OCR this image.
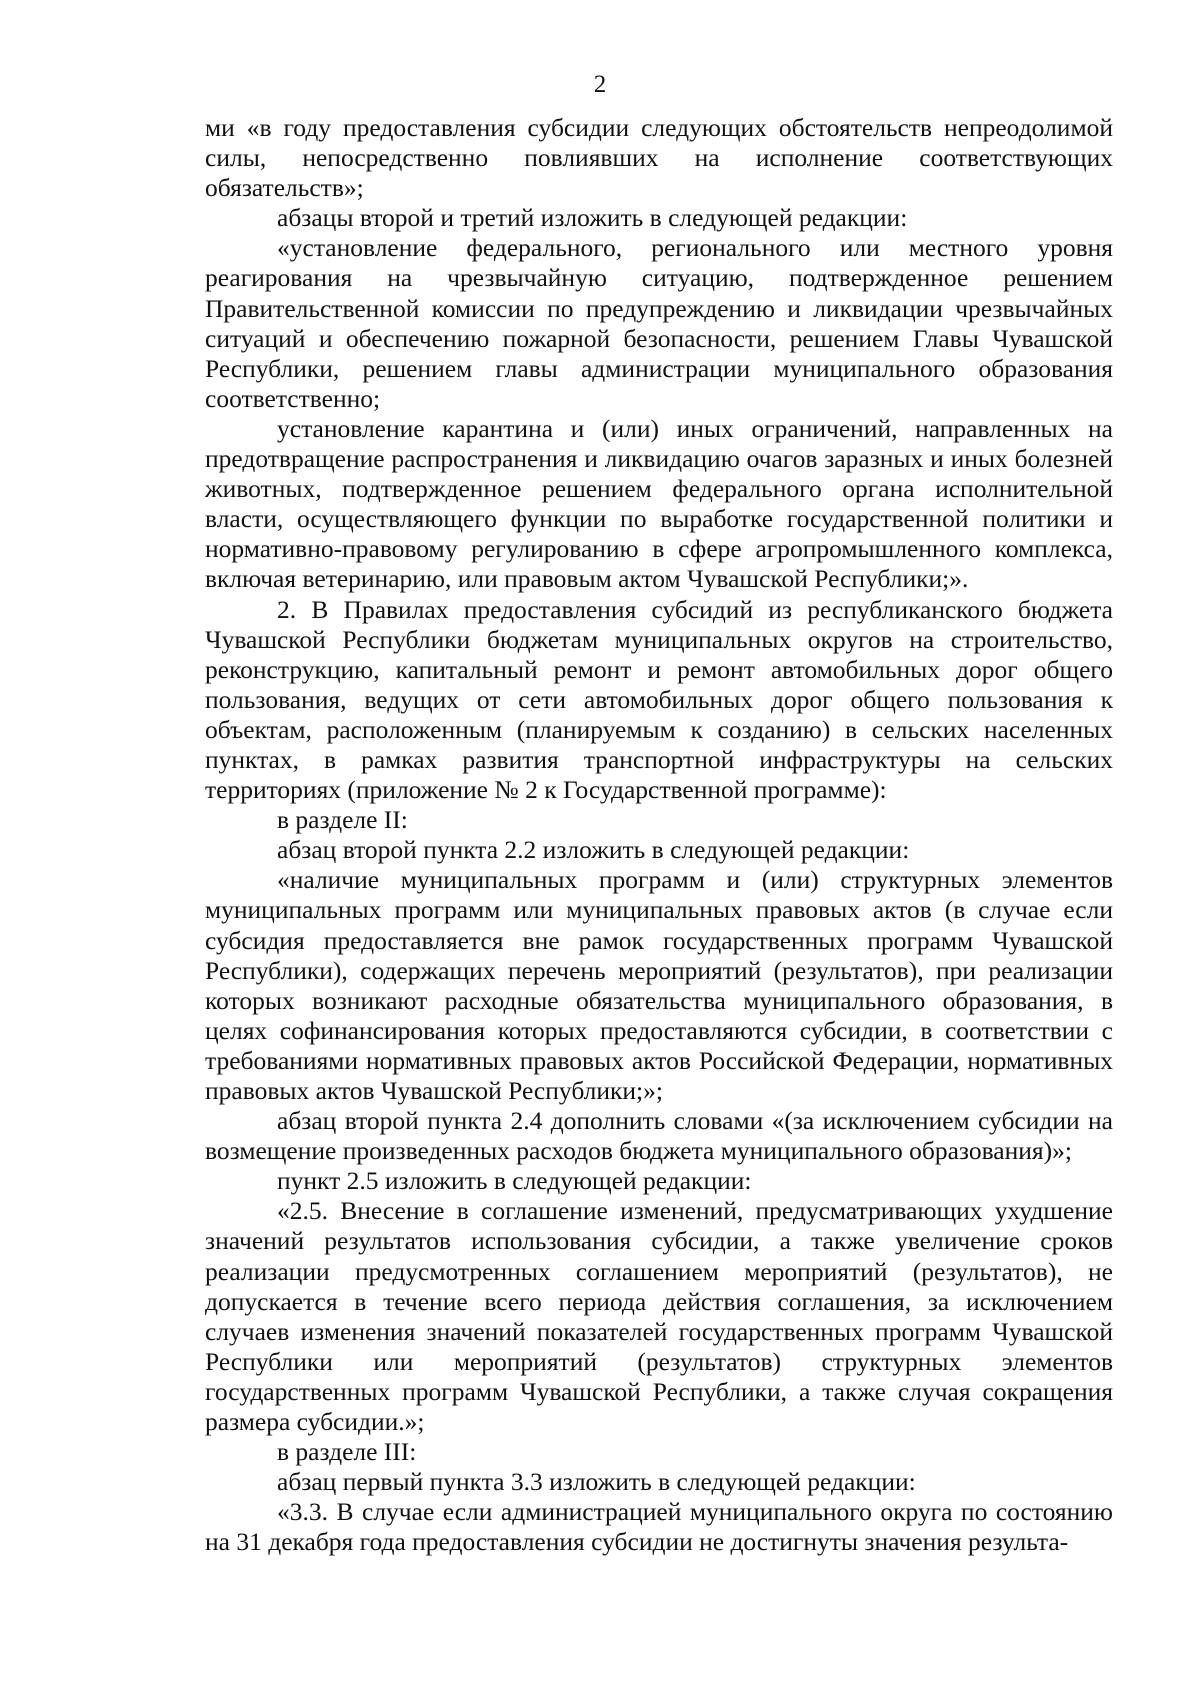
2

ми «в году предоставления субсидии следующих обстоятельств непреодолимой силы, непосредственно повлиявших на исполнение соответствующих обязательств»;

абзацы второй и третий изложить в следующей редакции:

«установление федерального, регионального или местного уровня реагирования на чрезвычайную ситуацию, подтвержденное решением Правительственной комиссии по предупреждению и ликвидации чрезвычайных ситуаций и обеспечению пожарной безопасности, решением Главы Чувашской Республики, решением главы администрации муниципального образования соответственно;

установление карантина и (или) иных ограничений, направленных на предотвращение распространения и ликвидацию очагов заразных и иных болезней животных, подтвержденное решением федерального органа исполнительной власти, осуществляющего функции по выработке государственной политики и нормативно-правовому регулированию в сфере агропромышленного комплекса, включая ветеринарию, или правовым актом Чувашской Республики;».

2. В Правилах предоставления субсидий из республиканского бюджета Чувашской Республики бюджетам муниципальных округов на строительство, реконструкцию, капитальный ремонт и ремонт автомобильных дорог общего пользования, ведущих от сети автомобильных дорог общего пользования к объектам, расположенным (планируемым к созданию) в сельских населенных пунктах, в рамках развития транспортной инфраструктуры на сельских территориях (приложение № 2 к Государственной программе):

в разделе II:

абзац второй пункта 2.2 изложить в следующей редакции:

«наличие муниципальных программ и (или) структурных элементов муниципальных программ или муниципальных правовых актов (в случае если субсидия предоставляется вне рамок государственных программ Чувашской Республики), содержащих перечень мероприятий (результатов), при реализации которых возникают расходные обязательства муниципального образования, в целях софинансирования которых предоставляются субсидии, в соответствии с требованиями нормативных правовых актов Российской Федерации, нормативных правовых актов Чувашской Республики;»;

абзац второй пункта 2.4 дополнить словами «(за исключением субсидии на возмещение произведенных расходов бюджета муниципального образования)»;

пункт 2.5 изложить в следующей редакции:

«2.5. Внесение в соглашение изменений, предусматривающих ухудшение значений результатов использования субсидии, а также увеличение сроков реализации предусмотренных соглашением мероприятий (результатов), не допускается в течение всего периода действия соглашения, за исключением случаев изменения значений показателей государственных программ Чувашской Республики или мероприятий (результатов) структурных элементов государственных программ Чувашской Республики, а также случая сокращения размера субсидии.»;

в разделе III:

абзац первый пункта 3.3 изложить в следующей редакции:

«3.3. В случае если администрацией муниципального округа по состоянию на 31 декабря года предоставления субсидии не достигнуты значения результа-
